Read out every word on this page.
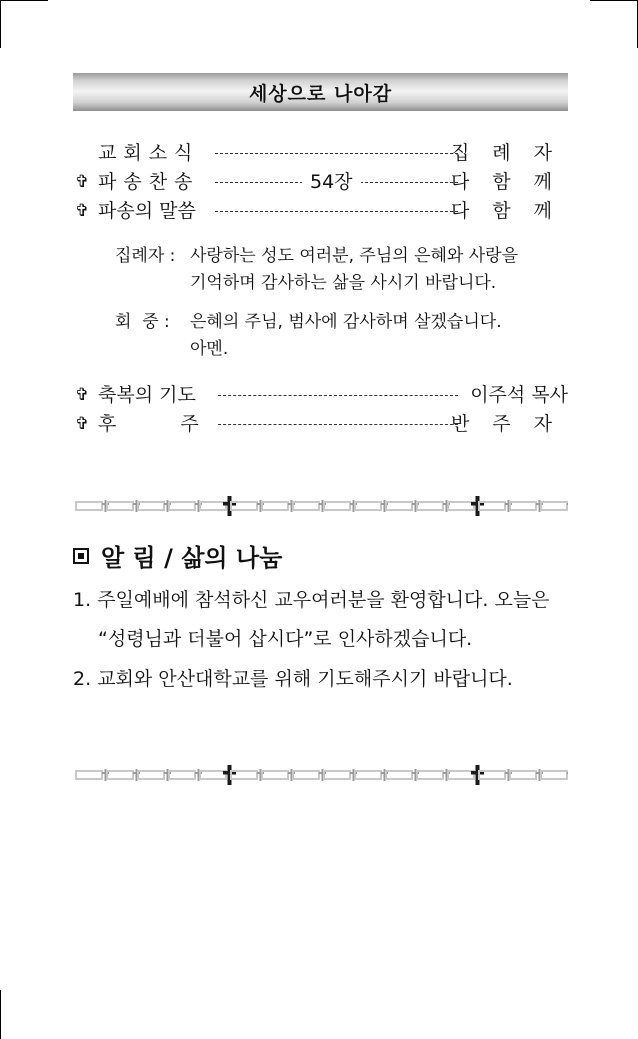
세상으로 나아감
교회소식	집례자
✞ 파송찬송	54장	다함께
✞ 파송의 말씀	다함께
집례자 : 사랑하는 성도 여러분, 주님의 은혜와 사랑을
기억하며 감사하는 삶을 사시기 바랍니다.
회  중 : 은혜의 주님, 범사에 감사하며 살겠습니다.
아멘.
✞ 축복의 기도	이주석 목사
✞ 후주	반주자
알 림 / 삶의 나눔
1. 주일예배에 참석하신 교우여러분을 환영합니다. 오늘은
“성령님과 더불어 삽시다”로 인사하겠습니다.
2. 교회와 안산대학교를 위해 기도해주시기 바랍니다.
